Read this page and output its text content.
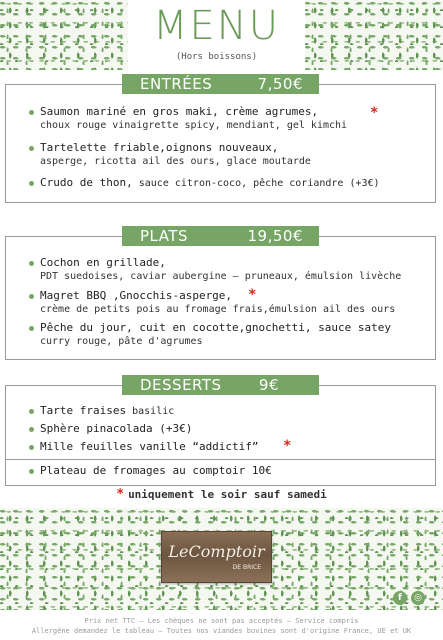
MENU
(Hors boissons)
ENTRÉES	7,50€
Saumon mariné en gros maki, crème agrumes,
choux rouge vinaigrette spicy, mendiant, gel kimchi
*
Tartelette friable,oignons nouveaux,
asperge, ricotta ail des ours, glace moutarde
Crudo de thon, sauce citron-coco, pêche coriandre (+3€)
PLATS	19,50€
Cochon en grillade,
PDT suedoises, caviar aubergine – pruneaux, émulsion livèche
Magret BBQ ,Gnocchis-asperge,
crème de petits pois au fromage frais,émulsion ail des ours
*
Pêche du jour, cuit en cocotte,gnochetti, sauce satey
curry rouge, pâte d'agrumes
DESSERTS 9€
Tarte fraises basilic
Sphère pinacolada (+3€)
Mille feuilles vanille “addictif” *
Plateau de fromages au comptoir 10€
* uniquement le soir sauf samedi
LeComptoir
DE BRICE
f	◎
Prix net TTC – Les chèques ne sont pas acceptés – Service compris
Allergène demandez le tableau – Toutes nos viandes bovines sont d'origine France, UE et UK
